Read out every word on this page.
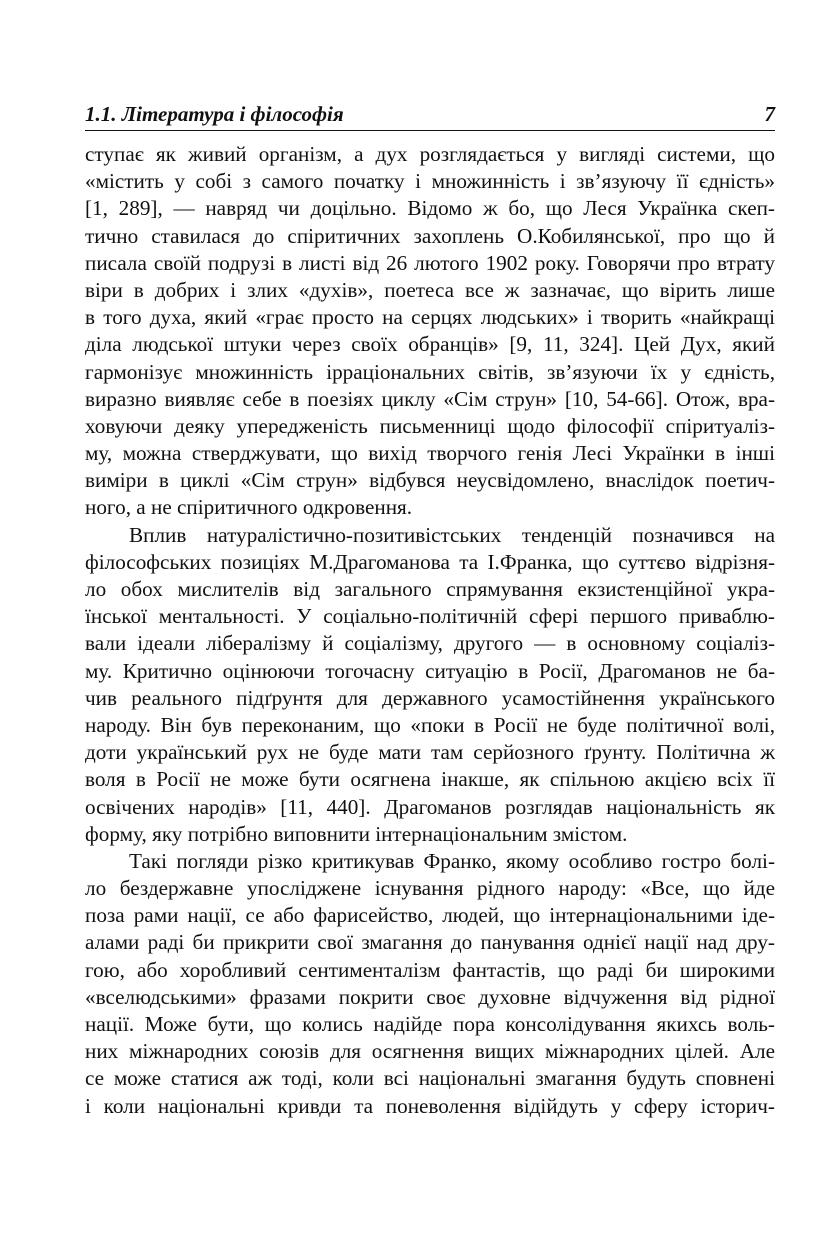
1.1. Література і філософія	7
ступає як живий організм, а дух розглядається у вигляді системи, що
«містить у собі з самого початку і множинність і зв’язуючу її єдність»
[1, 289], — навряд чи доцільно. Відомо ж бо, що Леся Українка скеп-
тично ставилася до спіритичних захоплень О.Кобилянської, про що й
писала своїй подрузі в листі від 26 лютого 1902 року. Говорячи про втрату
віри в добрих і злих «духів», поетеса все ж зазначає, що вірить лише
в того духа, який «грає просто на серцях людських» і творить «найкращі
діла людської штуки через своїх обранців» [9, 11, 324]. Цей Дух, який
гармонізує множинність ірраціональних світів, зв’язуючи їх у єдність,
виразно виявляє себе в поезіях циклу «Сім струн» [10, 54-66]. Отож, вра-
ховуючи деяку упередженість письменниці щодо філософії спіритуаліз-
му, можна стверджувати, що вихід творчого генія Лесі Українки в інші
виміри в циклі «Сім струн» відбувся неусвідомлено, внаслідок поетич-
ного, а не спіритичного одкровення.
Вплив натуралістично-позитивістських тенденцій позначився на
філософських позиціях М.Драгоманова та І.Франка, що суттєво відрізня-
ло обох мислителів від загального спрямування екзистенційної укра-
їнської ментальності. У соціально-політичній сфері першого приваблю-
вали ідеали лібералізму й соціалізму, другого — в основному соціаліз-
му. Критично оцінюючи тогочасну ситуацію в Росії, Драгоманов не ба-
чив реального підґрунтя для державного усамостійнення українського
народу. Він був переконаним, що «поки в Росії не буде політичної волі,
доти український рух не буде мати там серйозного ґрунту. Політична ж
воля в Росії не може бути осягнена інакше, як спільною акцією всіх її
освічених народів» [11, 440]. Драгоманов розглядав національність як
форму, яку потрібно виповнити інтернаціональним змістом.
Такі погляди різко критикував Франко, якому особливо гостро болі-
ло бездержавне упосліджене існування рідного народу: «Все, що йде
поза рами нації, се або фарисейство, людей, що інтернаціональними іде-
алами раді би прикрити свої змагання до панування однієї нації над дру-
гою, або хоробливий сентименталізм фантастів, що раді би широкими
«вселюдськими» фразами покрити своє духовне відчуження від рідної
нації. Може бути, що колись надійде пора консолідування якихсь воль-
них міжнародних союзів для осягнення вищих міжнародних цілей. Але
се може статися аж тоді, коли всі національні змагання будуть сповнені
і коли національні кривди та поневолення відійдуть у сферу історич-
